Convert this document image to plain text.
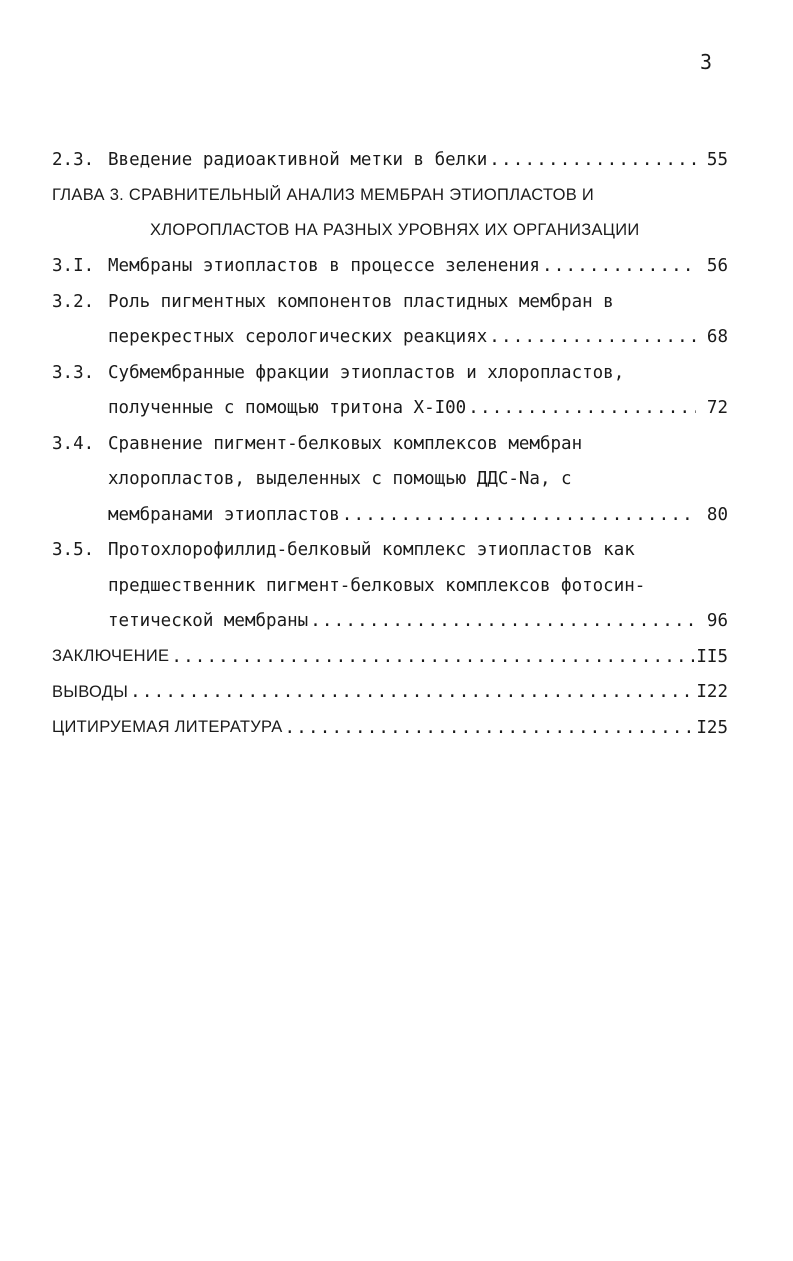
3
2.3. Введение радиоактивной метки в белки .....	55
ГЛАВА 3. СРАВНИТЕЛЬНЫЙ АНАЛИЗ МЕМБРАН ЭТИОПЛАСТОВ И
ХЛОРОПЛАСТОВ НА РАЗНЫХ УРОВНЯХ ИХ ОРГАНИЗАЦИИ
3.I. Мембраны этиопластов в процессе зеленения .....	56
3.2. Роль пигментных компонентов пластидных мембран в
перекрестных серологических реакциях .....	68
3.3. Субмембранные фракции этиопластов и хлоропластов,
полученные с помощью тритона Х-I00 .....	72
3.4. Сравнение пигмент-белковых комплексов мембран
хлоропластов, выделенных с помощью ДДС-Nа, с
мембранами этиопластов .....	80
3.5. Протохлорофиллид-белковый комплекс этиопластов как
предшественник пигмент-белковых комплексов фотосин-
тетической мембраны .....	96
ЗАКЛЮЧЕНИЕ .....	II5
ВЫВОДЫ .....	I22
ЦИТИРУЕМАЯ ЛИТЕРАТУРА .....	I25
